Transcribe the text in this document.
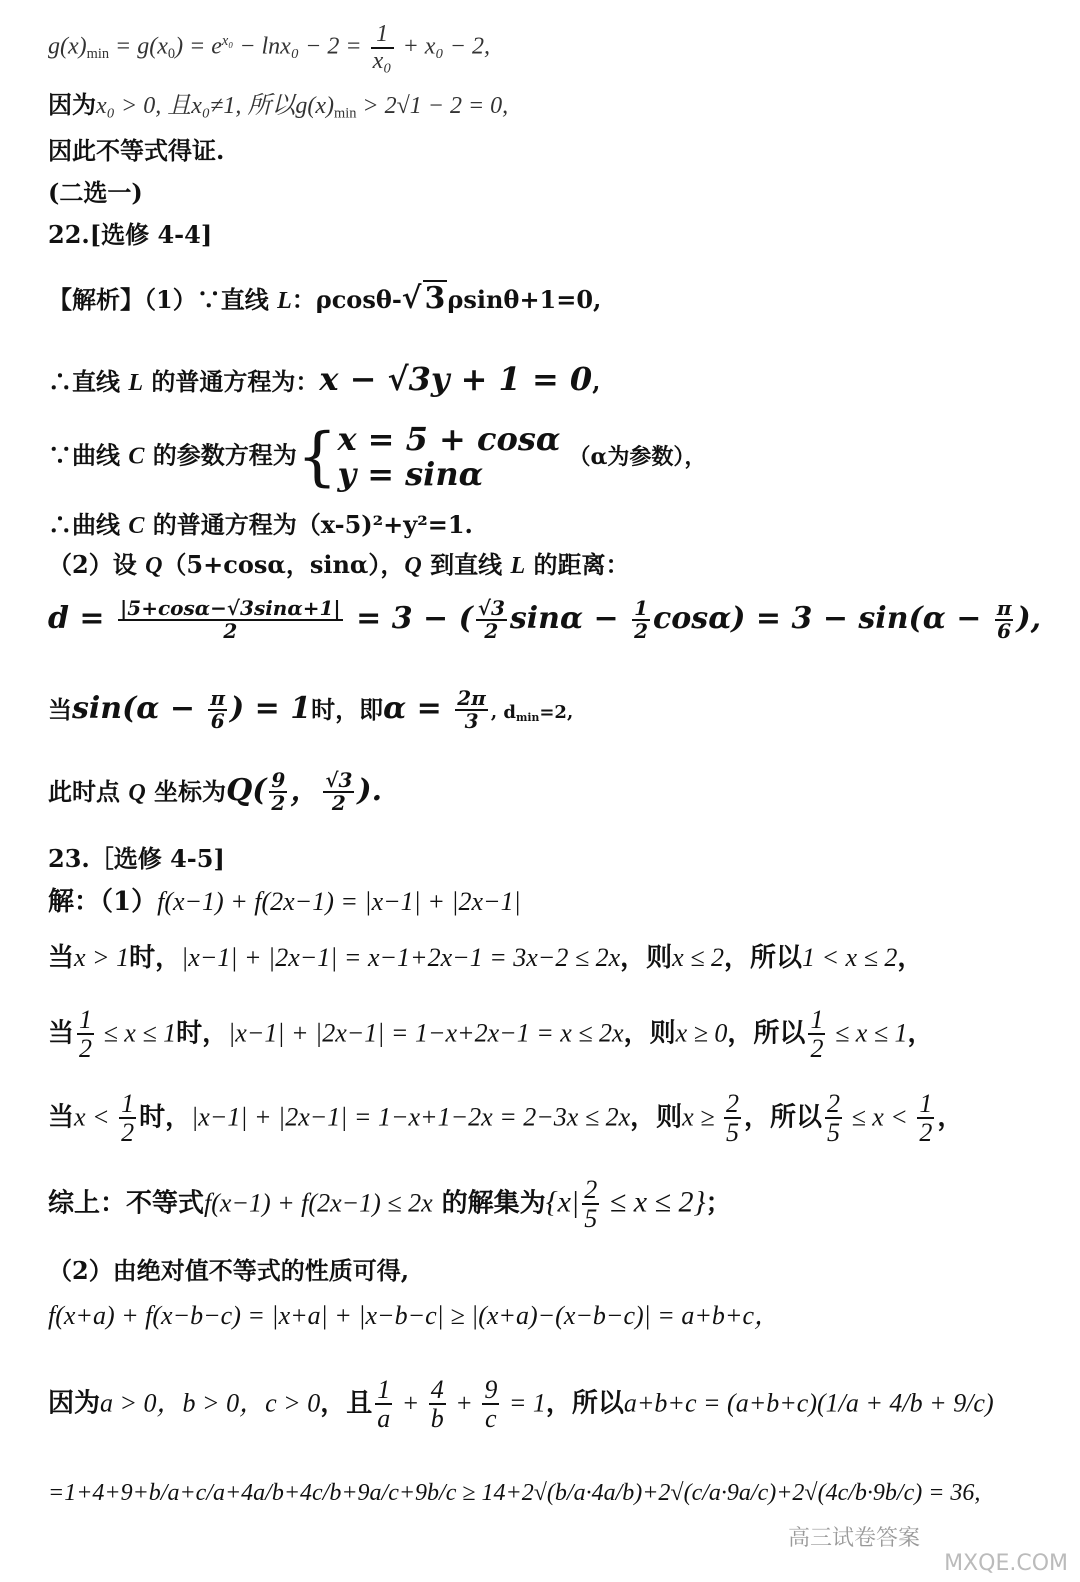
$g(x)_{min} = g(x_0) = e^{x_0} - \ln x_0 - 2 = \frac{1}{\text{x₀}} + x_0 - 2$,
因为x₀ > 0, 且x₀≠1, 所以$g(x)_{min} > 2√1 - 2 = 0$,
因此不等式得证.
(二选一)
22.[选修 4-4]
【解析】（1）∵直线 L：ρcosθ-√ 3ρsinθ+1=0,
∴直线 L 的普通方程为：x − √3y + 1 = 0,
∵曲线 C 的参数方程为{ x = 5 + cosα
y = sinα	（α为参数），
∴曲线 C 的普通方程为（x-5)²+y²=1.
（2）设 Q（5+cosα，sinα），Q 到直线 L 的距离：
$d = \frac{|5+\cos\alpha-√3\sin\alpha+1|}{2} = 3$ − ( $\frac{√3}{2}$ $\sin\alpha - \frac{1}{2} \cos\alpha) = 3 - \sin(\alpha - \frac{\pi}{6}$ ),
当$\sin(\alpha - \frac{\pi}{6}$ ) = 1时，即$\alpha = \frac{2\pi}{3}$ , $d_{min}=2$,
此时点 Q 坐标为$Q( \frac{9}{2}$ ， $\frac{√3}{2}$ ).
23.［选修 4-5]
解：（1）f(x−1) + f(2x−1) = |x−1| + |2x−1|
当x > 1时，|x−1| + |2x−1| = x−1+2x−1 = 3x−2 ≤ 2x，则x ≤ 2，所以1 < x ≤ 2，
当 $\frac{1}{2} \le x \le 1$时，|x−1| + |2x−1| = 1−x+2x−1 = x ≤ 2x，则x ≥ 0，所以 $\frac{1}{2} \le x \le 1$，
当$x < \frac{1}{2}$ 时，|x−1| + |2x−1| = 1−x+1−2x = 2−3x ≤ 2x，则$x \ge \frac{2}{5}$ ，所以 $\frac{2}{5} \le x < \frac{1}{2}$ ，
综上：不等式f(x−1) + f(2x−1) ≤ 2x 的解集为$\{x| \frac{2}{5} \le x \le 2\}$；
（2）由绝对值不等式的性质可得,
f(x+a) + f(x−b−c) = |x+a| + |x−b−c| ≥ |(x+a)−(x−b−c)| = a+b+c，
因为a > 0，b > 0，c > 0，且 $\frac{1}{a} + \frac{4}{b} + \frac{9}{c} = 1$，所以a+b+c = (a+b+c)(1/a + 4/b + 9/c)
=1+4+9+b/a+c/a+4a/b+4c/b+9a/c+9b/c ≥ 14+2√(b/a·4a/b)+2√(c/a·9a/c)+2√(4c/b·9b/c) = 36,
高三试卷答案
MXQE.COM
